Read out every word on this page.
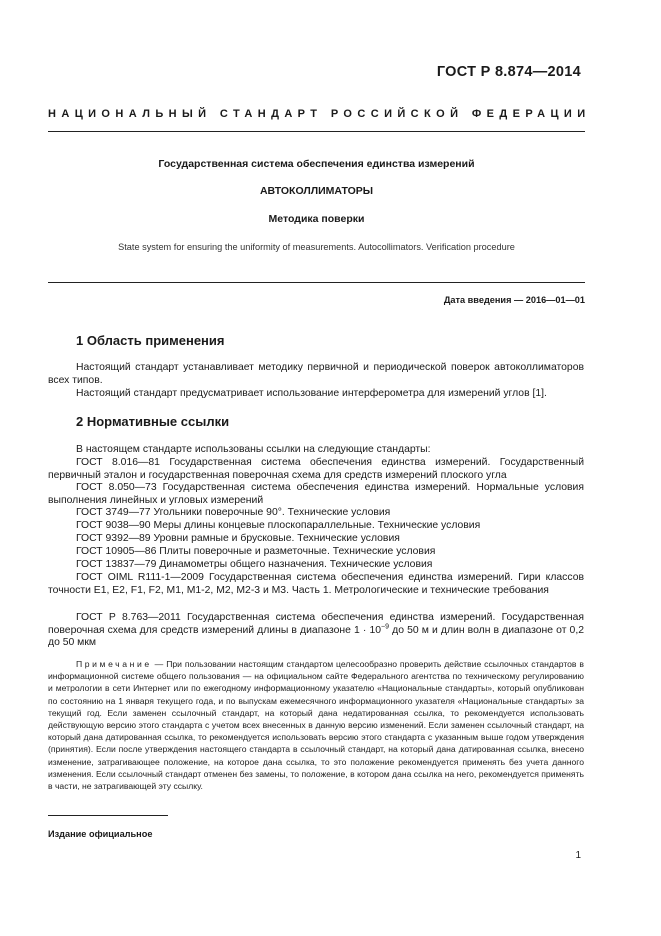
ГОСТ Р 8.874—2014
НАЦИОНАЛЬНЫЙ СТАНДАРТ РОССИЙСКОЙ ФЕДЕРАЦИИ
Государственная система обеспечения единства измерений
АВТОКОЛЛИМАТОРЫ
Методика поверки
State system for ensuring the uniformity of measurements. Autocollimators. Verification procedure
Дата введения — 2016—01—01
1 Область применения
Настоящий стандарт устанавливает методику первичной и периодической поверок автоколлиматоров всех типов.
Настоящий стандарт предусматривает использование интерферометра для измерений углов [1].
2 Нормативные ссылки
В настоящем стандарте использованы ссылки на следующие стандарты:
ГОСТ 8.016—81 Государственная система обеспечения единства измерений. Государственный первичный эталон и государственная поверочная схема для средств измерений плоского угла
ГОСТ 8.050—73 Государственная система обеспечения единства измерений. Нормальные условия выполнения линейных и угловых измерений
ГОСТ 3749—77 Угольники поверочные 90°. Технические условия
ГОСТ 9038—90 Меры длины концевые плоскопараллельные. Технические условия
ГОСТ 9392—89 Уровни рамные и брусковые. Технические условия
ГОСТ 10905—86 Плиты поверочные и разметочные. Технические условия
ГОСТ 13837—79 Динамометры общего назначения. Технические условия
ГОСТ OIML R111-1—2009 Государственная система обеспечения единства измерений. Гири классов точности E1, E2, F1, F2, M1, M1-2, M2, M2-3 и M3. Часть 1. Метрологические и технические требования
ГОСТ Р 8.763—2011 Государственная система обеспечения единства измерений. Государственная поверочная схема для средств измерений длины в диапазоне $1 \cdot 10^{-9}$ до 50 м и длин волн в диапазоне от 0,2 до 50 мкм
Примечание — При пользовании настоящим стандартом целесообразно проверить действие ссылочных стандартов в информационной системе общего пользования — на официальном сайте Федерального агентства по техническому регулированию и метрологии в сети Интернет или по ежегодному информационному указателю «Национальные стандарты», который опубликован по состоянию на 1 января текущего года, и по выпускам ежемесячного информационного указателя «Национальные стандарты» за текущий год. Если заменен ссылочный стандарт, на который дана недатированная ссылка, то рекомендуется использовать действующую версию этого стандарта с учетом всех внесенных в данную версию изменений. Если заменен ссылочный стандарт, на который дана датированная ссылка, то рекомендуется использовать версию этого стандарта с указанным выше годом утверждения (принятия). Если после утверждения настоящего стандарта в ссылочный стандарт, на который дана датированная ссылка, внесено изменение, затрагивающее положение, на которое дана ссылка, то это положение рекомендуется применять без учета данного изменения. Если ссылочный стандарт отменен без замены, то положение, в котором дана ссылка на него, рекомендуется применять в части, не затрагивающей эту ссылку.
Издание официальное
1
